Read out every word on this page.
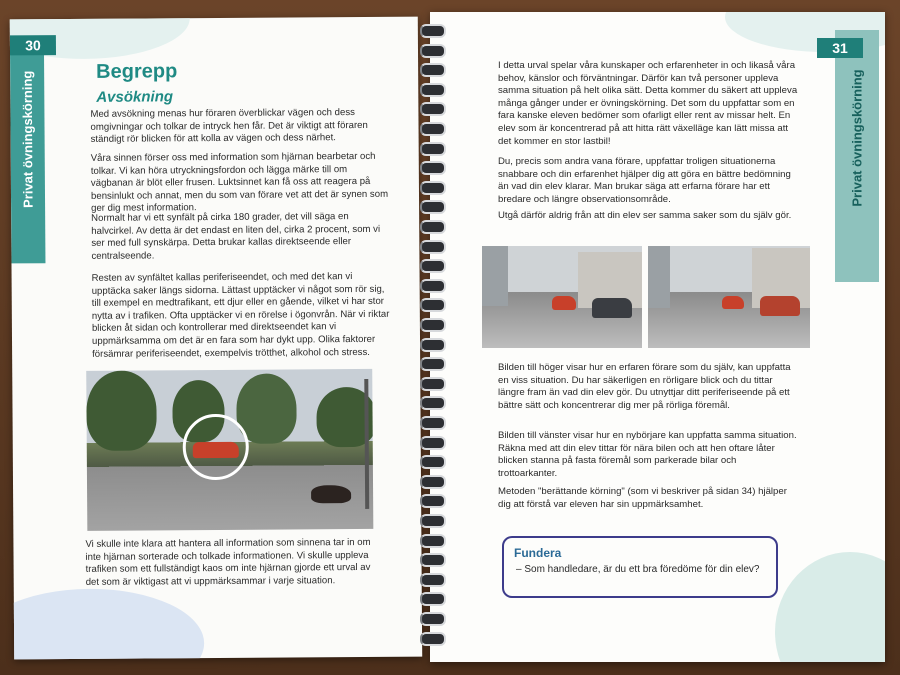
Privat övningskörning
30
Begrepp
Avsökning
Med avsökning menas hur föraren överblickar vägen och dess omgivningar och tolkar de intryck hen får. Det är viktigt att föraren ständigt rör blicken för att kolla av vägen och dess närhet.
Våra sinnen förser oss med information som hjärnan bearbetar och tolkar. Vi kan höra utryckningsfordon och lägga märke till om vägbanan är blöt eller frusen. Luktsinnet kan få oss att reagera på bensinlukt och annat, men du som van förare vet att det är synen som ger dig mest information.
Normalt har vi ett synfält på cirka 180 grader, det vill säga en halvcirkel. Av detta är det endast en liten del, cirka 2 procent, som vi ser med full synskärpa. Detta brukar kallas direktseende eller centralseende.
Resten av synfältet kallas periferiseendet, och med det kan vi upptäcka saker längs sidorna. Lättast upptäcker vi något som rör sig, till exempel en medtrafikant, ett djur eller en gående, vilket vi har stor nytta av i trafiken. Ofta upptäcker vi en rörelse i ögonvrån. När vi riktar blicken åt sidan och kontrollerar med direktseendet kan vi uppmärksamma om det är en fara som har dykt upp. Olika faktorer försämrar periferiseendet, exempelvis trötthet, alkohol och stress.
Vi skulle inte klara att hantera all information som sinnena tar in om inte hjärnan sorterade och tolkade informationen. Vi skulle uppleva trafiken som ett fullständigt kaos om inte hjärnan gjorde ett urval av det som är viktigast att vi uppmärksammar i varje situation.
Privat övningskörning
31
I detta urval spelar våra kunskaper och erfarenheter in och likaså våra behov, känslor och förväntningar. Därför kan två personer uppleva samma situation på helt olika sätt. Detta kommer du säkert att uppleva många gånger under er övningskörning. Det som du uppfattar som en fara kanske eleven bedömer som ofarligt eller rent av missar helt. En elev som är koncentrerad på att hitta rätt växelläge kan lätt missa att det kommer en stor lastbil!
Du, precis som andra vana förare, uppfattar troligen situationerna snabbare och din erfarenhet hjälper dig att göra en bättre bedömning än vad din elev klarar. Man brukar säga att erfarna förare har ett bredare och längre observationsområde.
Utgå därför aldrig från att din elev ser samma saker som du själv gör.
Bilden till höger visar hur en erfaren förare som du själv, kan uppfatta en viss situation. Du har säkerligen en rörligare blick och du tittar längre fram än vad din elev gör. Du utnyttjar ditt periferiseende på ett bättre sätt och koncentrerar dig mer på rörliga föremål.
Bilden till vänster visar hur en nybörjare kan uppfatta samma situation. Räkna med att din elev tittar för nära bilen och att hen oftare låter blicken stanna på fasta föremål som parkerade bilar och trottoarkanter.
Metoden "berättande körning" (som vi beskriver på sidan 34) hjälper dig att förstå var eleven har sin uppmärksamhet.
Fundera
– Som handledare, är du ett bra föredöme för din elev?
